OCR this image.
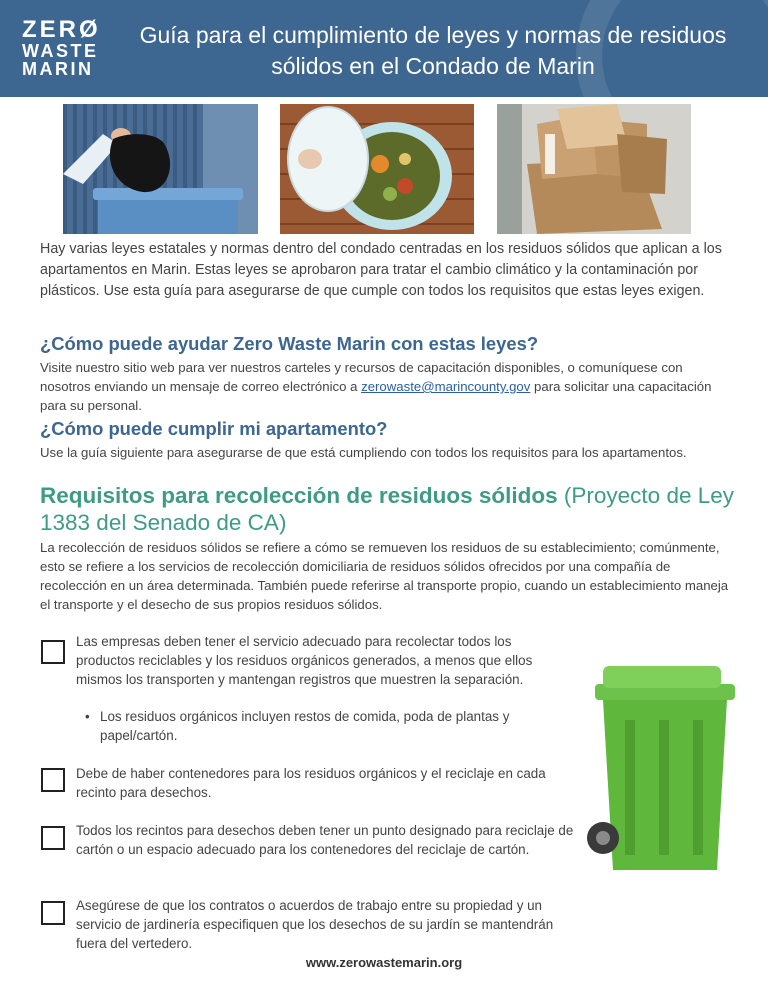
ZERØ
WASTE
MARIN
Guía para el cumplimiento de leyes y normas de residuos sólidos en el Condado de Marin

Hay varias leyes estatales y normas dentro del condado centradas en los residuos sólidos que aplican a los apartamentos en Marin. Estas leyes se aprobaron para tratar el cambio climático y la contaminación por plásticos. Use esta guía para asegurarse de que cumple con todos los requisitos que estas leyes exigen.

¿Cómo puede ayudar Zero Waste Marin con estas leyes?

Visite nuestro sitio web para ver nuestros carteles y recursos de capacitación disponibles, o comuníquese con nosotros enviando un mensaje de correo electrónico a zerowaste@marincounty.gov para solicitar una capacitación para su personal.

¿Cómo puede cumplir mi apartamento?

Use la guía siguiente para asegurarse de que está cumpliendo con todos los requisitos para los apartamentos.

Requisitos para recolección de residuos sólidos (Proyecto de Ley 1383 del Senado de CA)

La recolección de residuos sólidos se refiere a cómo se remueven los residuos de su establecimiento; comúnmente, esto se refiere a los servicios de recolección domiciliaria de residuos sólidos ofrecidos por una compañía de recolección en un área determinada. También puede referirse al transporte propio, cuando un establecimiento maneja el transporte y el desecho de sus propios residuos sólidos.

Las empresas deben tener el servicio adecuado para recolectar todos los productos reciclables y los residuos orgánicos generados, a menos que ellos mismos los transporten y mantengan registros que muestren la separación.

• Los residuos orgánicos incluyen restos de comida, poda de plantas y papel/cartón.

Debe de haber contenedores para los residuos orgánicos y el reciclaje en cada recinto para desechos.

Todos los recintos para desechos deben tener un punto designado para reciclaje de cartón o un espacio adecuado para los contenedores del reciclaje de cartón.

Asegúrese de que los contratos o acuerdos de trabajo entre su propiedad y un servicio de jardinería especifiquen que los desechos de su jardín se mantendrán fuera del vertedero.

www.zerowastemarin.org
